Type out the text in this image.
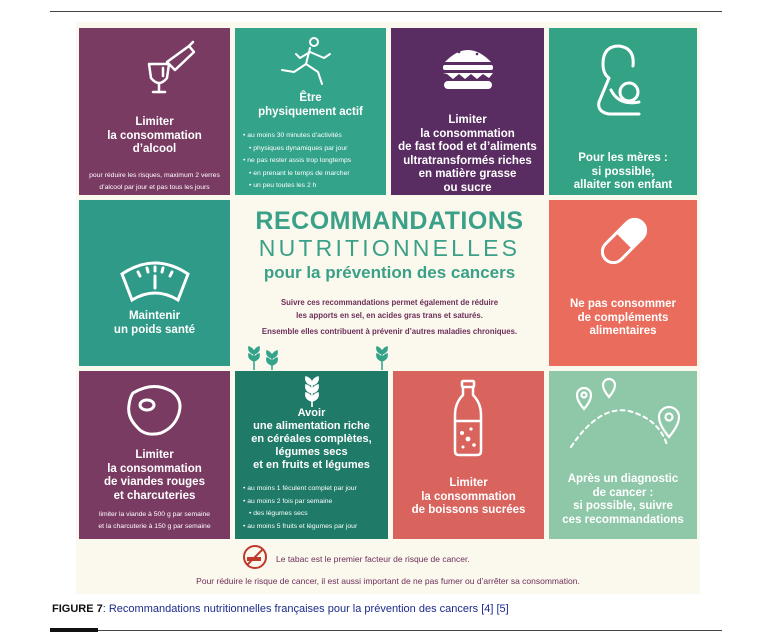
Limiter
la consommation
d’alcool
pour réduire les risques, maximum 2 verres
d’alcool par jour et pas tous les jours
Être
physiquement actif
• au moins 30 minutes d’activités
• physiques dynamiques par jour
• ne pas rester assis trop longtemps
• en prenant le temps de marcher
• un peu toutes les 2 h
Limiter
la consommation
de fast food et d’aliments
ultratransformés riches
en matière grasse
ou sucre
Pour les mères :
si possible,
allaiter son enfant
Maintenir
un poids santé
RECOMMANDATIONS
NUTRITIONNELLES
pour la prévention des cancers
Suivre ces recommandations permet également de réduire
les apports en sel, en acides gras trans et saturés.
Ensemble elles contribuent à prévenir d’autres maladies chroniques.
Ne pas consommer
de compléments
alimentaires
Limiter
la consommation
de viandes rouges
et charcuteries
limiter la viande à 500 g par semaine
et la charcuterie à 150 g par semaine
Avoir
une alimentation riche
en céréales complètes,
légumes secs
et en fruits et légumes
• au moins 1 féculent complet par jour
• au moins 2 fois par semaine
• des légumes secs
• au moins 5 fruits et légumes par jour
Limiter
la consommation
de boissons sucrées
Après un diagnostic
de cancer :
si possible, suivre
ces recommandations
Le tabac est le premier facteur de risque de cancer.
Pour réduire le risque de cancer, il est aussi important de ne pas fumer ou d’arrêter sa consommation.
FIGURE 7: Recommandations nutritionnelles françaises pour la prévention des cancers [4] [5]
